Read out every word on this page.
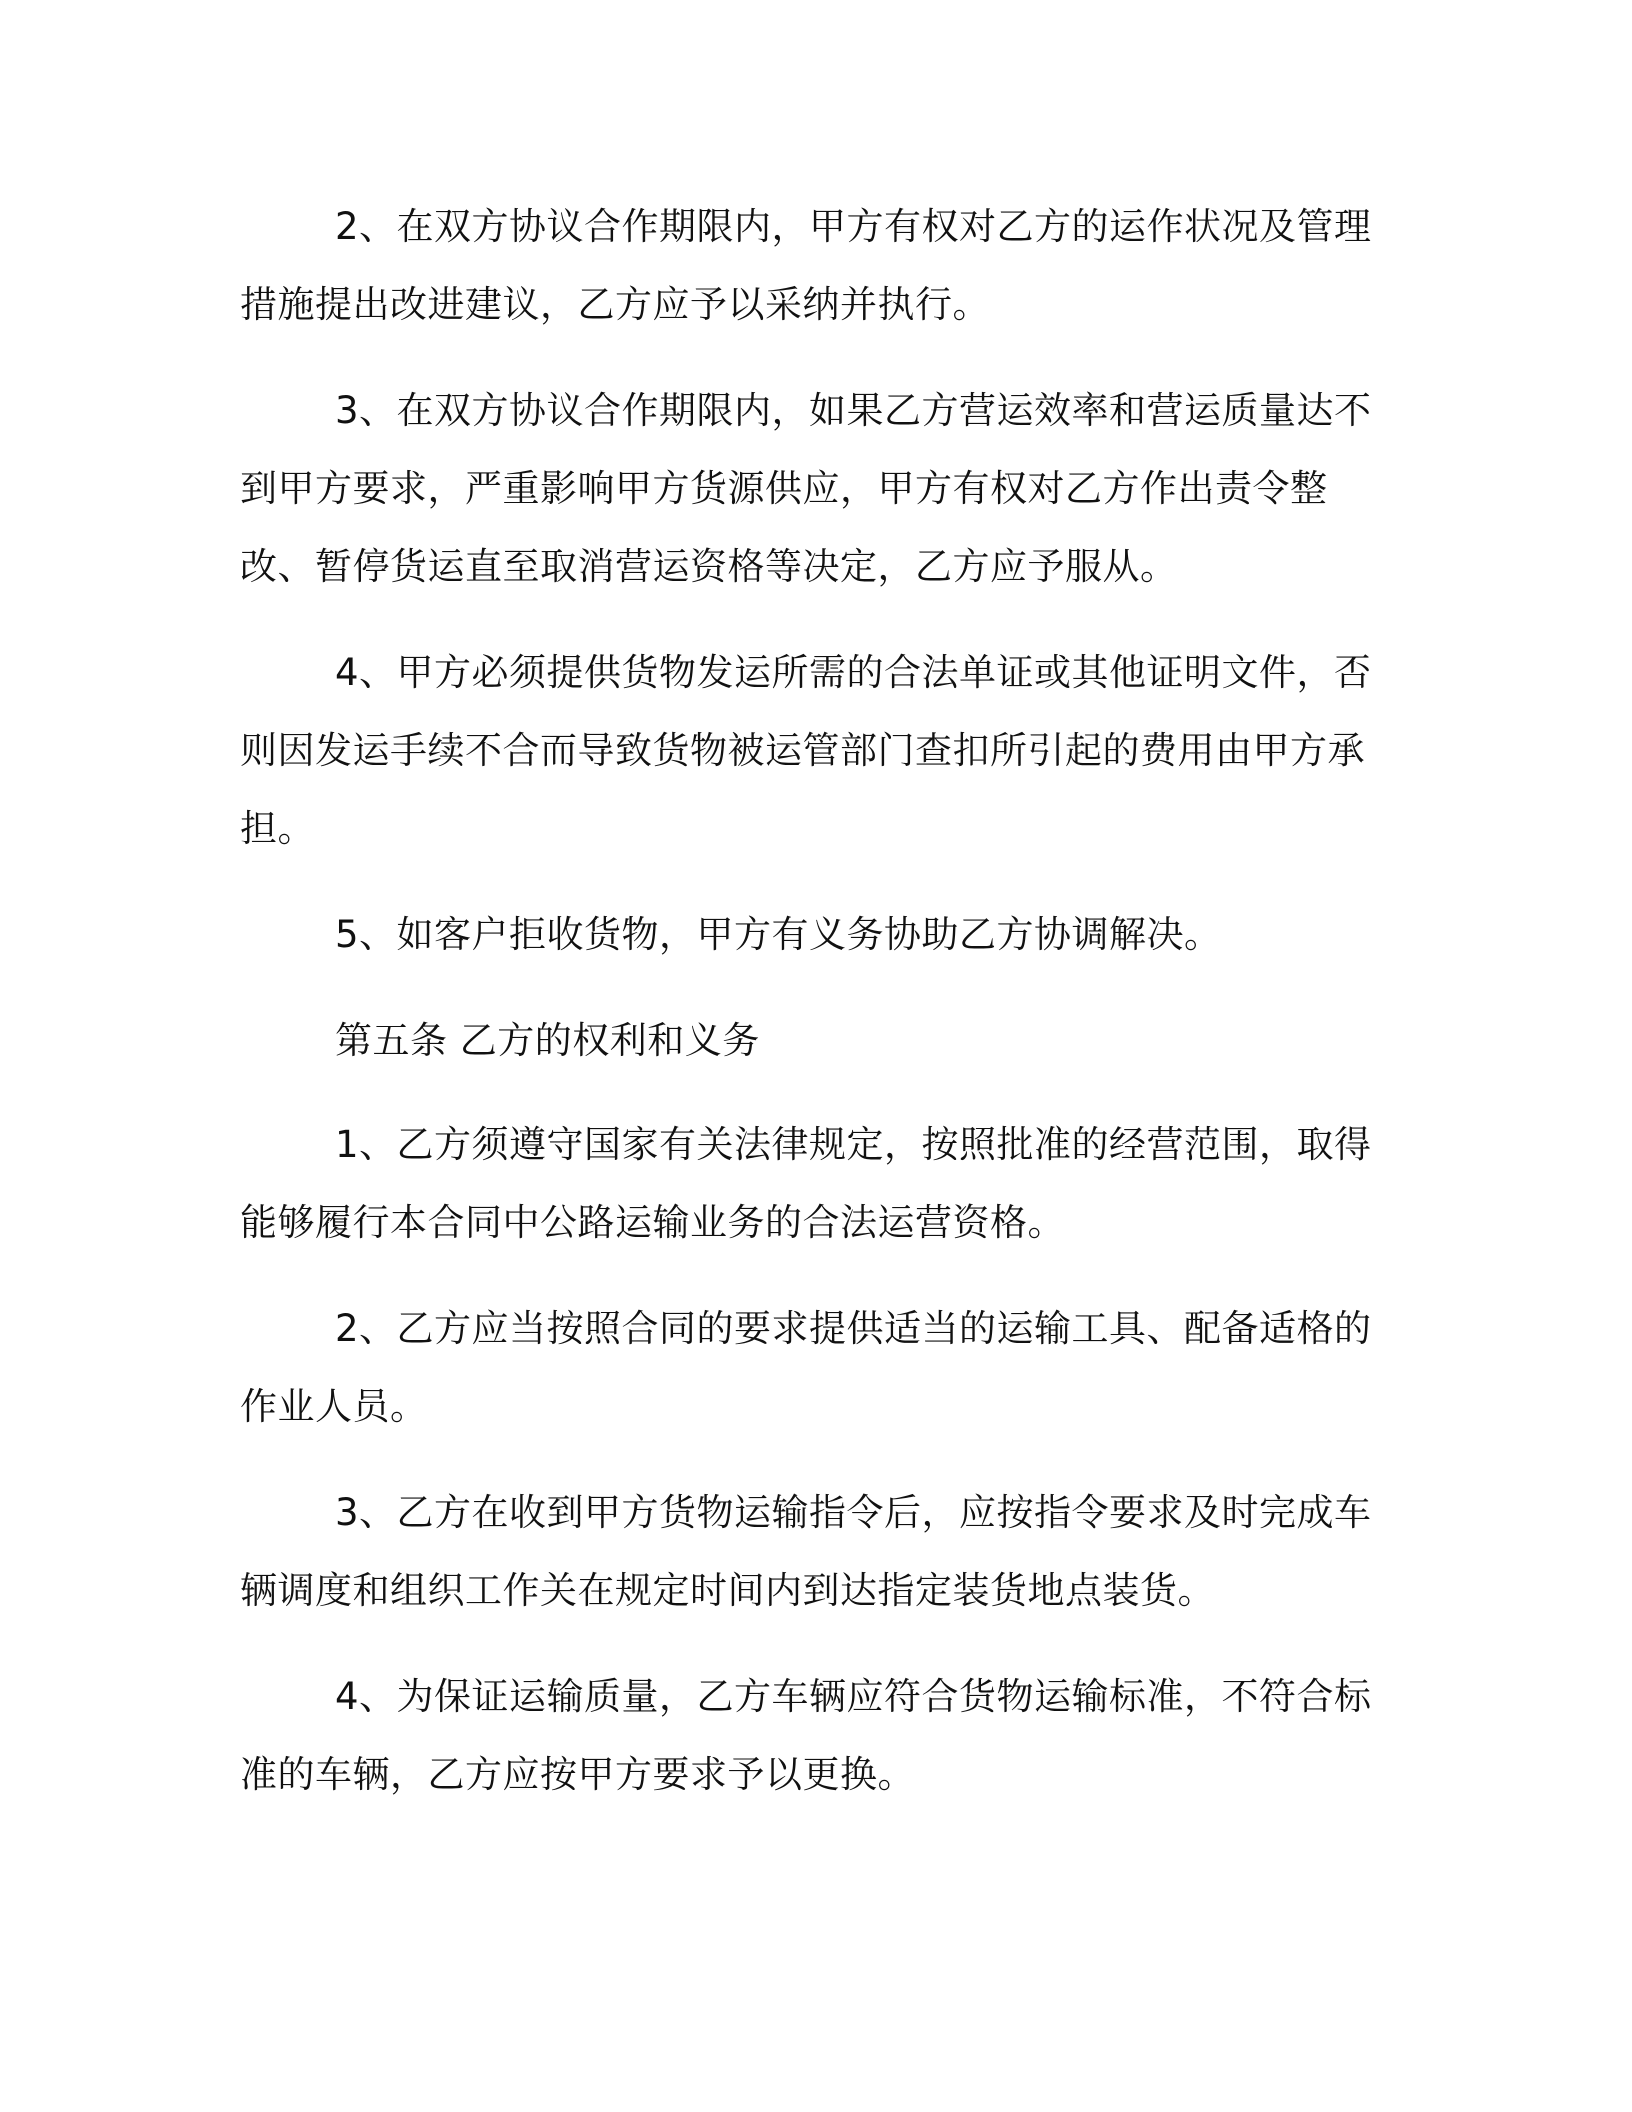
2、在双方协议合作期限内，甲方有权对乙方的运作状况及管理措施提出改进建议，乙方应予以采纳并执行。

3、在双方协议合作期限内，如果乙方营运效率和营运质量达不到甲方要求，严重影响甲方货源供应，甲方有权对乙方作出责令整改、暂停货运直至取消营运资格等决定，乙方应予服从。

4、甲方必须提供货物发运所需的合法单证或其他证明文件，否则因发运手续不合而导致货物被运管部门查扣所引起的费用由甲方承担。

5、如客户拒收货物，甲方有义务协助乙方协调解决。

第五条 乙方的权利和义务

1、乙方须遵守国家有关法律规定，按照批准的经营范围，取得能够履行本合同中公路运输业务的合法运营资格。

2、乙方应当按照合同的要求提供适当的运输工具、配备适格的作业人员。

3、乙方在收到甲方货物运输指令后，应按指令要求及时完成车辆调度和组织工作关在规定时间内到达指定装货地点装货。

4、为保证运输质量，乙方车辆应符合货物运输标准，不符合标准的车辆，乙方应按甲方要求予以更换。
